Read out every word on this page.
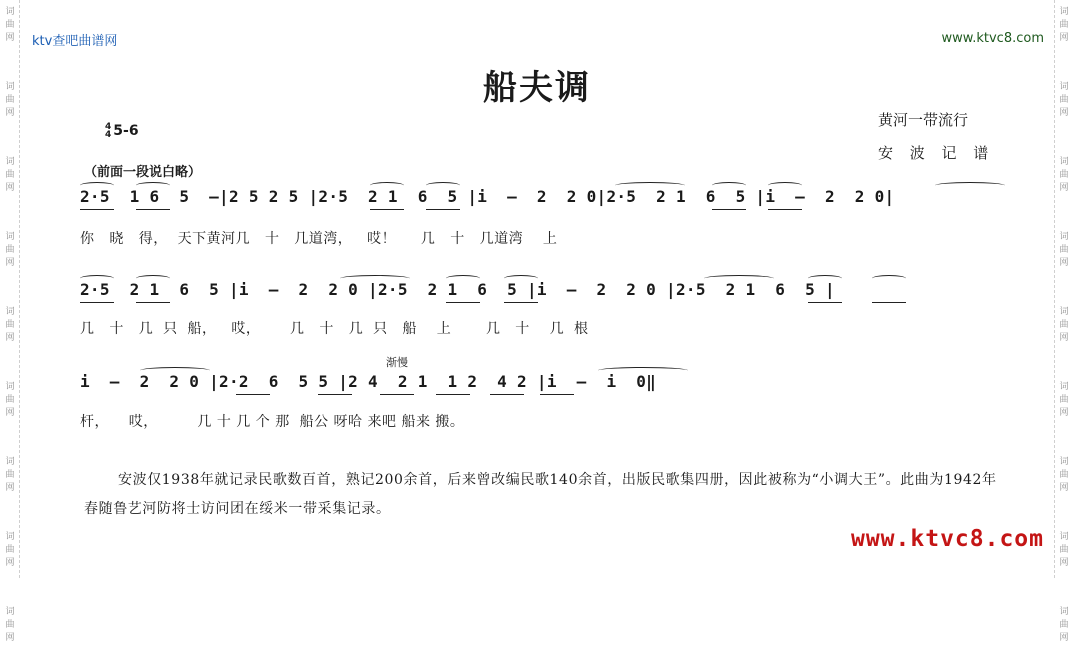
词
曲
网
词
曲
网
词
曲
网
词
曲
网
词
曲
网
词
曲
网
词
曲
网
词
曲
网
词
曲
网
词
曲
网
词
曲
网
词
曲
网
词
曲
网
词
曲
网
词
曲
网
词
曲
网
词
曲
网
词
曲
网
ktv查吧曲谱网	www.ktvc8.com
船夫调
黄河一带流行
安 波 记 谱
4
4 5-6
（前面一段说白略）
2·5  1 6  5  –|2 5 2 5 |2·5  2 1  6  5 |i  –  2  2 0|2·5  2 1  6  5 |i  –  2  2 0|
你   晓   得，  天下黄河几   十   几道湾，   哎！     几   十   几道湾    上
2·5  2 1  6  5 |i  –  2  2 0 |2·5  2 1  6  5 |i  –  2  2 0 |2·5  2 1  6  5 |
几   十   几  只  船，   哎，      几   十   几  只   船    上       几   十    几  根
渐慢
i  –  2  2 0 |2·2  6  5 5 |2 4  2 1  1 2  4 2 |i  –  i  0‖
杆，    哎，        几 十 几 个 那  船公 呀哈 来吧 船来 搬。
安波仅1938年就记录民歌数百首，熟记200余首，后来曾改编民歌140余首，出版民歌集四册，因此被称为“小调大王”。此曲为1942年春随鲁艺河防将士访问团在绥米一带采集记录。
www.ktvc8.com
